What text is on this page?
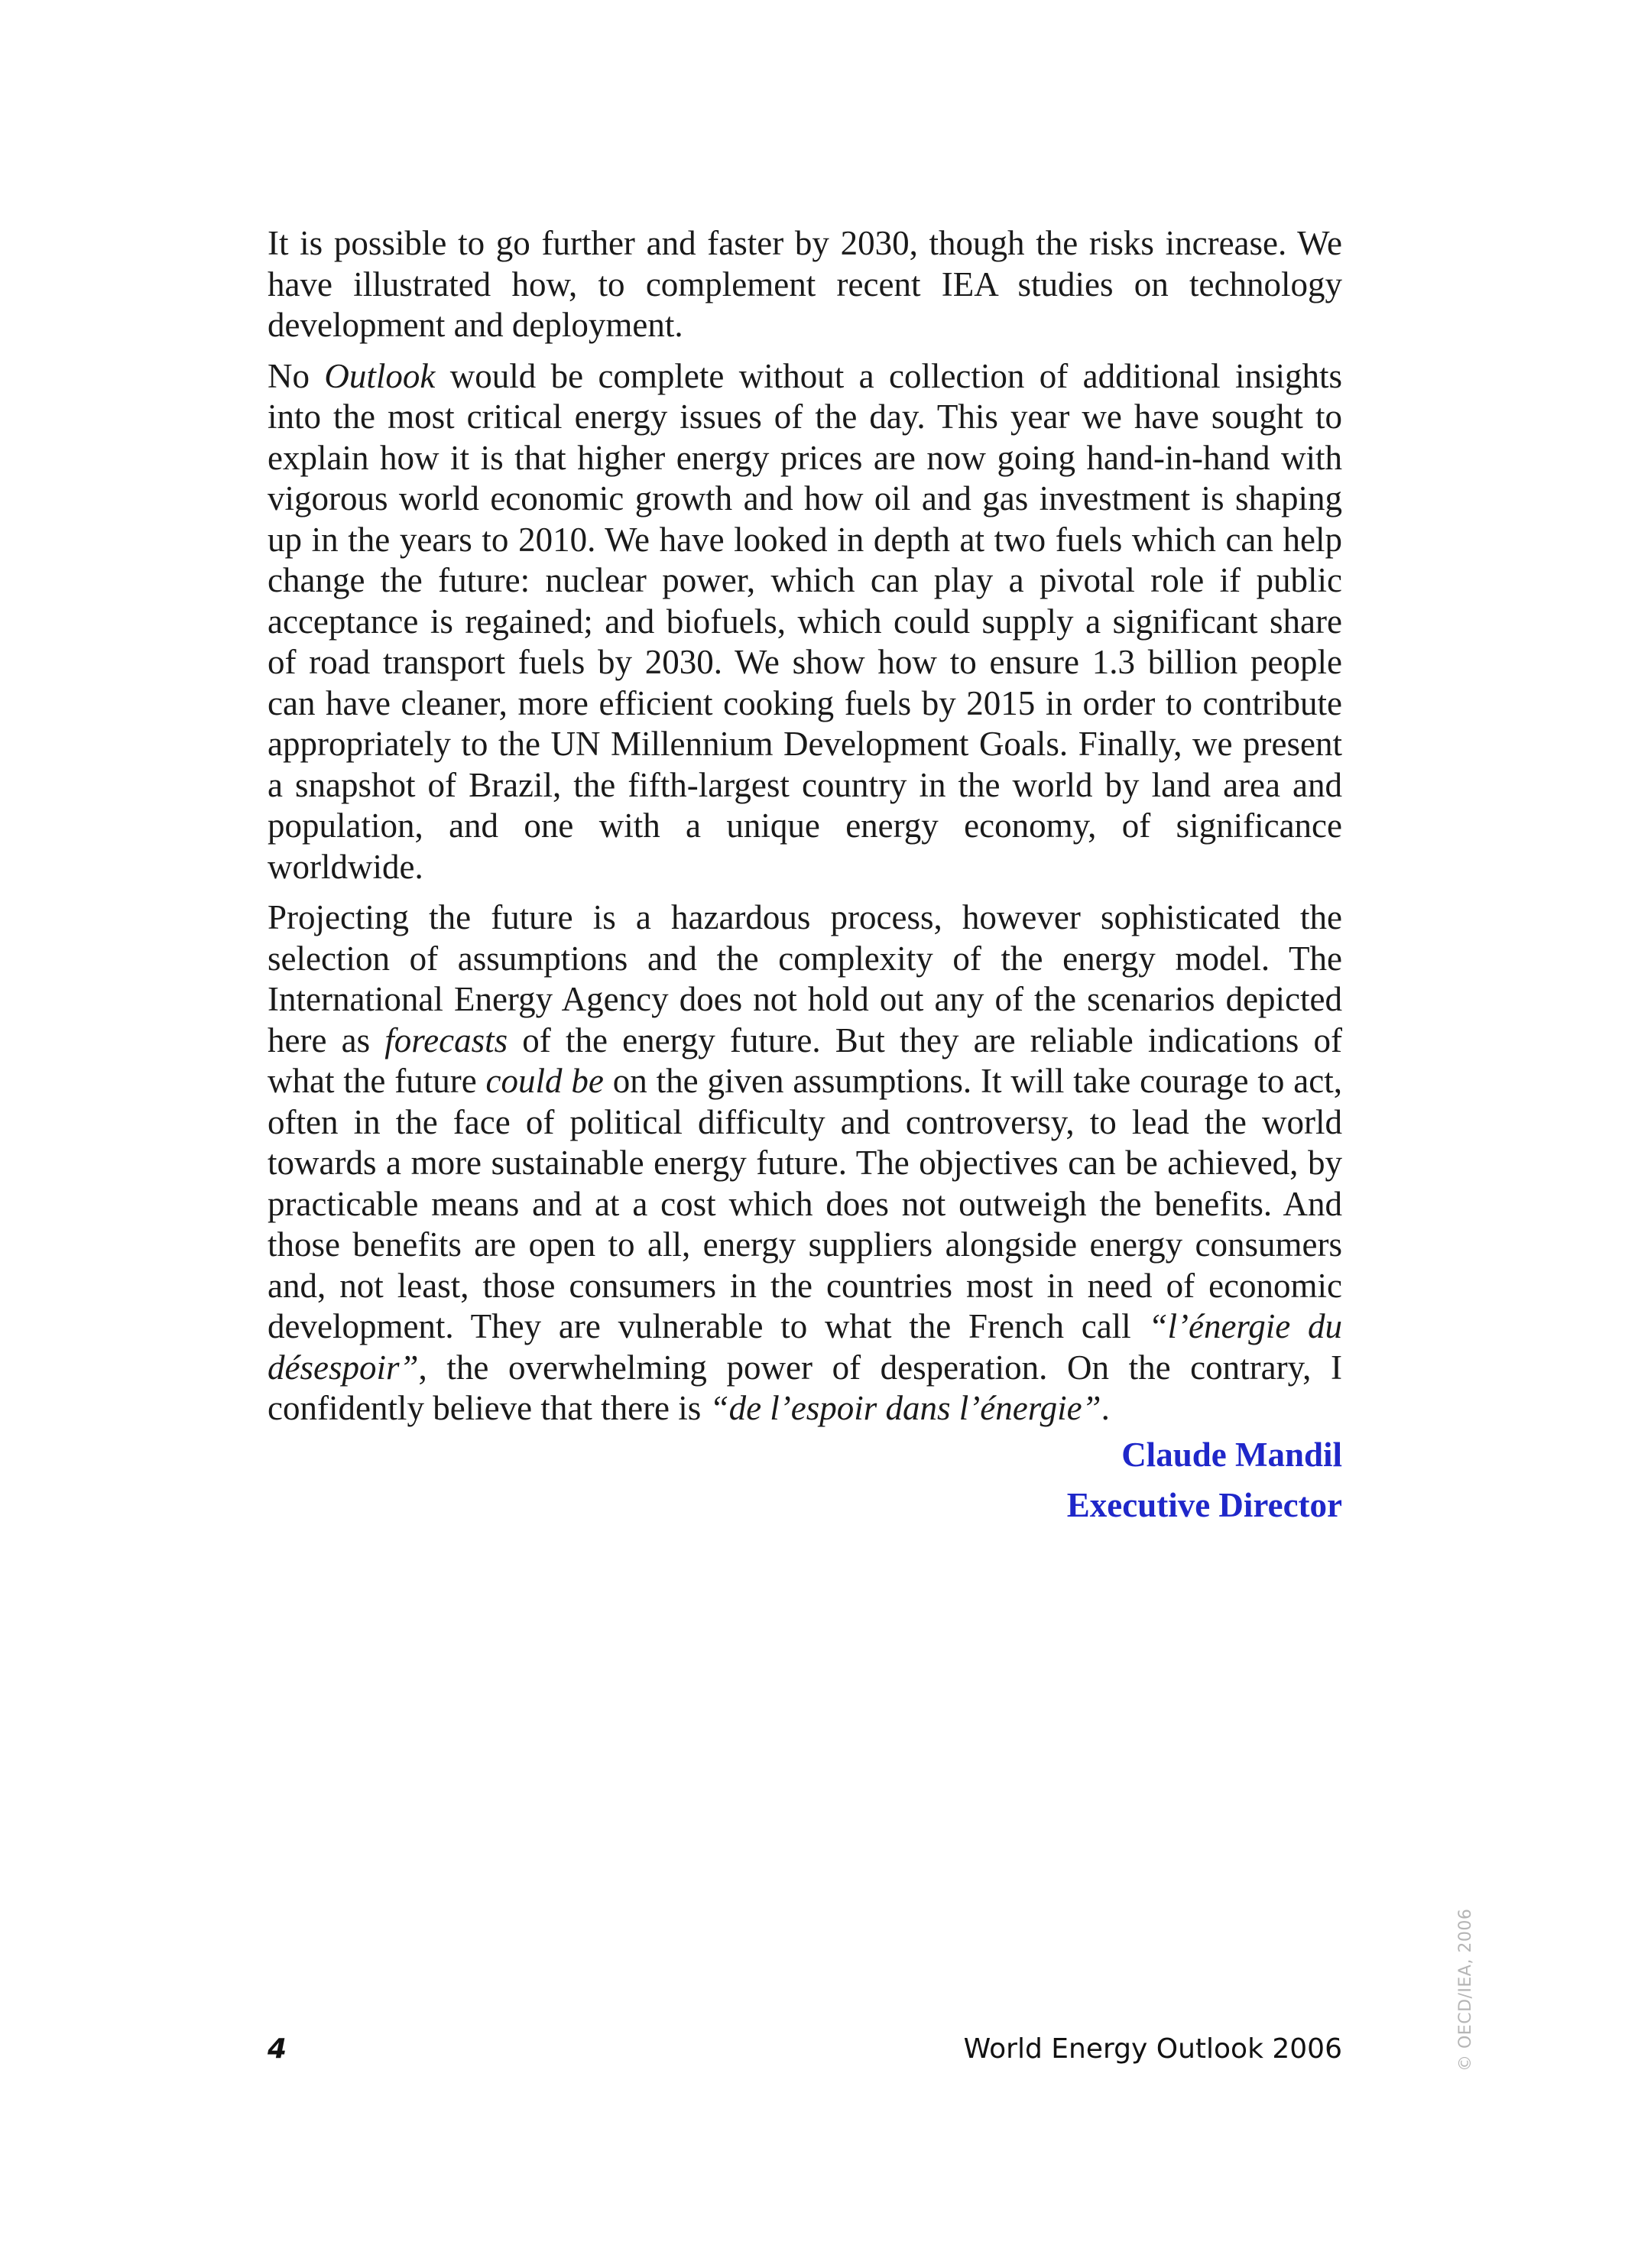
It is possible to go further and faster by 2030, though the risks increase. We have illustrated how, to complement recent IEA studies on technology development and deployment.

No Outlook would be complete without a collection of additional insights into the most critical energy issues of the day. This year we have sought to explain how it is that higher energy prices are now going hand-in-hand with vigorous world economic growth and how oil and gas investment is shaping up in the years to 2010. We have looked in depth at two fuels which can help change the future: nuclear power, which can play a pivotal role if public acceptance is regained; and biofuels, which could supply a significant share of road transport fuels by 2030. We show how to ensure 1.3 billion people can have cleaner, more efficient cooking fuels by 2015 in order to contribute appropriately to the UN Millennium Development Goals. Finally, we present a snapshot of Brazil, the fifth-largest country in the world by land area and population, and one with a unique energy economy, of significance worldwide.

Projecting the future is a hazardous process, however sophisticated the selection of assumptions and the complexity of the energy model. The International Energy Agency does not hold out any of the scenarios depicted here as forecasts of the energy future. But they are reliable indications of what the future could be on the given assumptions. It will take courage to act, often in the face of political difficulty and controversy, to lead the world towards a more sustainable energy future. The objectives can be achieved, by practicable means and at a cost which does not outweigh the benefits. And those benefits are open to all, energy suppliers alongside energy consumers and, not least, those consumers in the countries most in need of economic development. They are vulnerable to what the French call “l’énergie du désespoir”, the overwhelming power of desperation. On the contrary, I confidently believe that there is “de l’espoir dans l’énergie”.

Claude Mandil
Executive Director
4	World Energy Outlook 2006	© OECD/IEA, 2006
